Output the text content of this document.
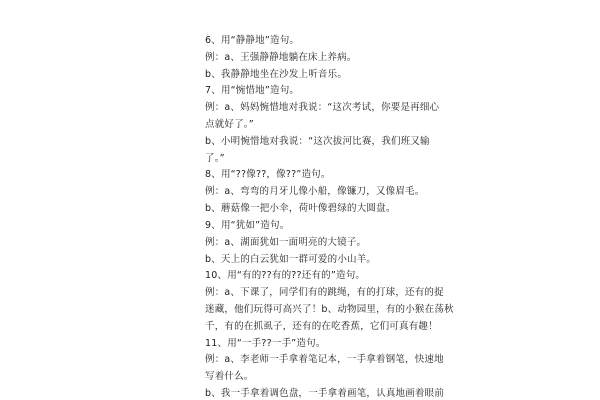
6、用“静静地”造句。
例：a、王强静静地躺在床上养病。
b、我静静地坐在沙发上听音乐。
7、用“惋惜地”造句。
例：a、妈妈惋惜地对我说：“这次考试，你要是再细心
点就好了。”
b、小明惋惜地对我说：“这次拔河比赛，我们班又输
了。”
8、用“??像??，像??”造句。
例：a、弯弯的月牙儿像小船，像镰刀，又像眉毛。
b、蘑菇像一把小伞，荷叶像碧绿的大圆盘。
9、用“犹如”造句。
例：a、湖面犹如一面明亮的大镜子。
b、天上的白云犹如一群可爱的小山羊。
10、用“有的??有的??还有的”造句。
例：a、下课了，同学们有的跳绳，有的打球，还有的捉
迷藏，他们玩得可高兴了！b、动物园里，有的小猴在荡秋
千，有的在抓虱子，还有的在吃香蕉，它们可真有趣！
11、用“一手??一手”造句。
例：a、李老师一手拿着笔记本，一手拿着钢笔，快速地
写着什么。
b、我一手拿着调色盘，一手拿着画笔，认真地画着眼前
